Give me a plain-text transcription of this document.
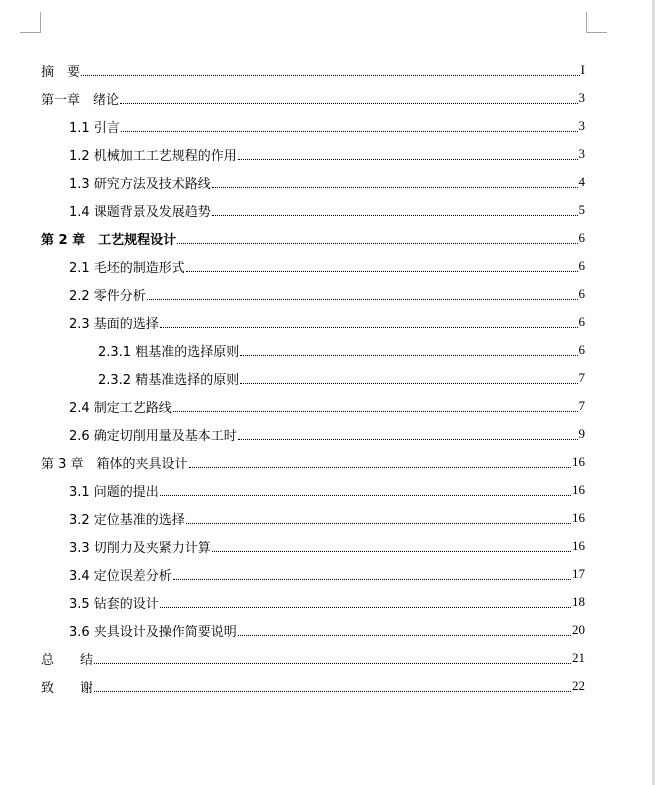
摘　要	I
第一章　绪论	3
1.1 引言	3
1.2 机械加工工艺规程的作用	3
1.3 研究方法及技术路线	4
1.4 课题背景及发展趋势	5
第 2 章　工艺规程设计	6
2.1 毛坯的制造形式	6
2.2 零件分析	6
2.3 基面的选择	6
2.3.1 粗基准的选择原则	6
2.3.2 精基准选择的原则	7
2.4 制定工艺路线	7
2.6 确定切削用量及基本工时	9
第 3 章　箱体的夹具设计	16
3.1 问题的提出	16
3.2 定位基准的选择	16
3.3 切削力及夹紧力计算	16
3.4 定位误差分析	17
3.5 钻套的设计	18
3.6 夹具设计及操作简要说明	20
总　　结	21
致　　谢	22
